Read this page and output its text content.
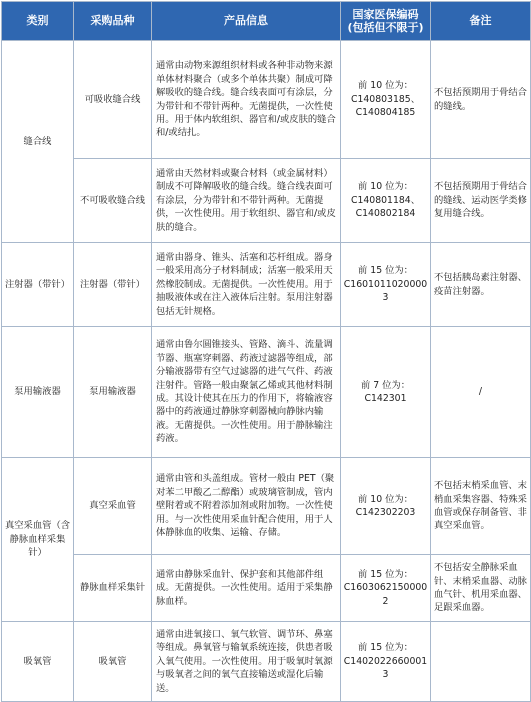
类别	采购品种	产品信息	国家医保编码
(包括但不限于)	备注
缝合线	可吸收缝合线	通常由动物来源组织材料或各种非动物来源单体材料聚合（或多个单体共聚）制成可降解吸收的缝合线。缝合线表面可有涂层，分为带针和不带针两种。无菌提供，一次性使用。用于体内软组织、器官和/或皮肤的缝合和/或结扎。	前 10 位为：
C140803185、
C140804185	不包括预期用于骨结合的缝线。
	不可吸收缝合线	通常由天然材料或聚合材料（或金属材料）制成不可降解吸收的缝合线。缝合线表面可有涂层，分为带针和不带针两种。无菌提供，一次性使用。用于软组织、器官和/或皮肤的缝合。	前 10 位为：
C140801184、
C140802184	不包括预期用于骨结合的缝线、运动医学类修复用缝合线。
注射器（带针）	注射器（带针）	通常由器身、锥头、活塞和芯杆组成。器身一般采用高分子材料制成；活塞一般采用天然橡胶制成。无菌提供。一次性使用。用于抽吸液体或在注入液体后注射。泵用注射器包括无针规格。	前 15 位为：
C16010110200003	不包括胰岛素注射器、疫苗注射器。
泵用输液器	泵用输液器	通常由鲁尔圆锥接头、管路、滴斗、流量调节器、瓶塞穿刺器、药液过滤器等组成，部分输液器带有空气过滤器的进气气件、药液注射件。管路一般由聚氯乙烯或其他材料制成。其设计使其在压力的作用下，将输液容器中的药液通过静脉穿刺器械向静脉内输液。无菌提供。一次性使用。用于静脉输注药液。	前 7 位为：
C142301	/
真空采血管（含静脉血样采集针）	真空采血管	通常由管和头盖组成。管材一般由 PET（聚对苯二甲酸乙二醇酯）或玻璃管制成，管内壁附着或不附着添加剂或附加物。一次性使用。与一次性使用采血针配合使用，用于人体静脉血的收集、运输、存储。	前 10 位为：
C142302203	不包括末梢采血管、末梢血采集容器、特殊采血管或保存制备管、非真空采血管。
	静脉血样采集针	通常由静脉采血针、保护套和其他部件组成。无菌提供。一次性使用。适用于采集静脉血样。	前 15 位为：
C16030621500002	不包括安全静脉采血针、末梢采血器、动脉血气针、机用采血器、足跟采血器。
吸氧管	吸氧管	通常由进氧接口、氧气软管、调节环、鼻塞等组成。鼻氧管与输氧系统连接，供患者吸入氧气使用。一次性使用。用于吸氧时氧源与吸氧者之间的氧气直接输送或湿化后输送。	前 15 位为：
C14020226600013	
